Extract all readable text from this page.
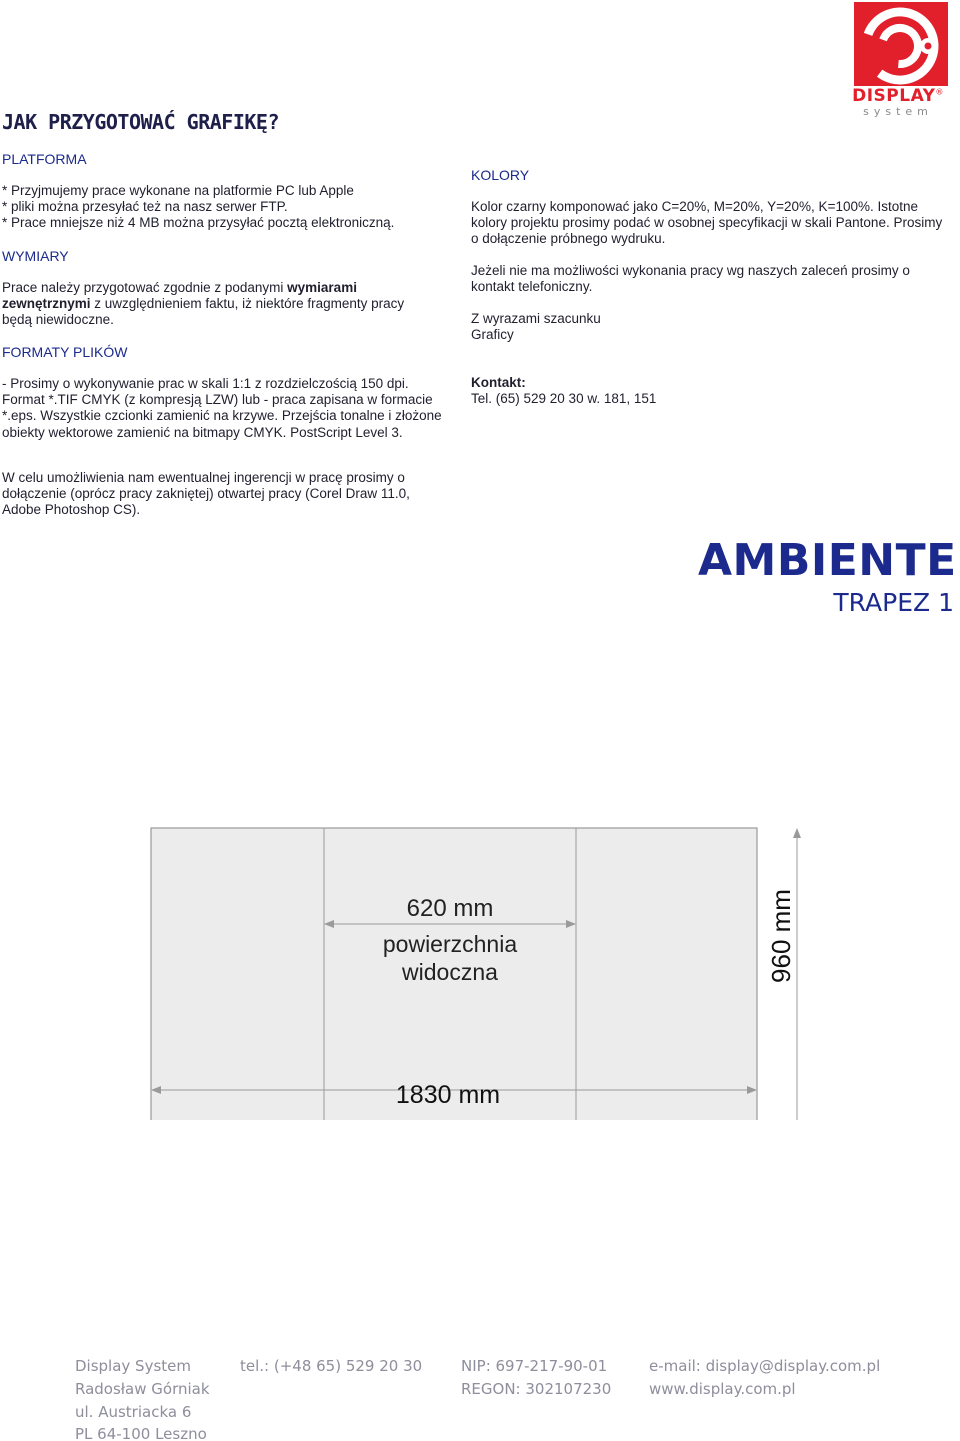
DISPLAY®
system
JAK PRZYGOTOWAĆ GRAFIKĘ?
PLATFORMA
* Przyjmujemy prace wykonane na platformie PC lub Apple
* pliki można przesyłać też na nasz serwer FTP.
* Prace mniejsze niż 4 MB można przysyłać pocztą elektroniczną.
WYMIARY
Prace należy przygotować zgodnie z podanymi wymiarami zewnętrznymi z uwzględnieniem faktu, iż niektóre fragmenty pracy będą niewidoczne.
FORMATY PLIKÓW
- Prosimy o wykonywanie prac w skali 1:1 z rozdzielczością 150 dpi.
Format *.TIF CMYK (z kompresją LZW) lub - praca zapisana w formacie *.eps. Wszystkie czcionki zamienić na krzywe. Przejścia tonalne i złożone obiekty wektorowe zamienić na bitmapy CMYK. PostScript Level 3.
W celu umożliwienia nam ewentualnej ingerencji w pracę prosimy o dołączenie (oprócz pracy zakniętej) otwartej pracy (Corel Draw 11.0, Adobe Photoshop CS).
KOLORY
Kolor czarny komponować jako C=20%, M=20%, Y=20%, K=100%. Istotne kolory projektu prosimy podać w osobnej specyfikacji w skali Pantone. Prosimy o dołączenie próbnego wydruku.
Jeżeli nie ma możliwości wykonania pracy wg naszych zaleceń prosimy o kontakt telefoniczny.
Z wyrazami szacunku
Graficy
Kontakt:
Tel. (65) 529 20 30 w. 181, 151
AMBIENTE
TRAPEZ 1
620 mm
powierzchnia
widoczna	960 mm
1830 mm
Display System
Radosław Górniak
ul. Austriacka 6
PL 64-100 Leszno
tel.: (+48 65) 529 20 30	NIP: 697-217-90-01
REGON: 302107230
e-mail: display@display.com.pl
www.display.com.pl
